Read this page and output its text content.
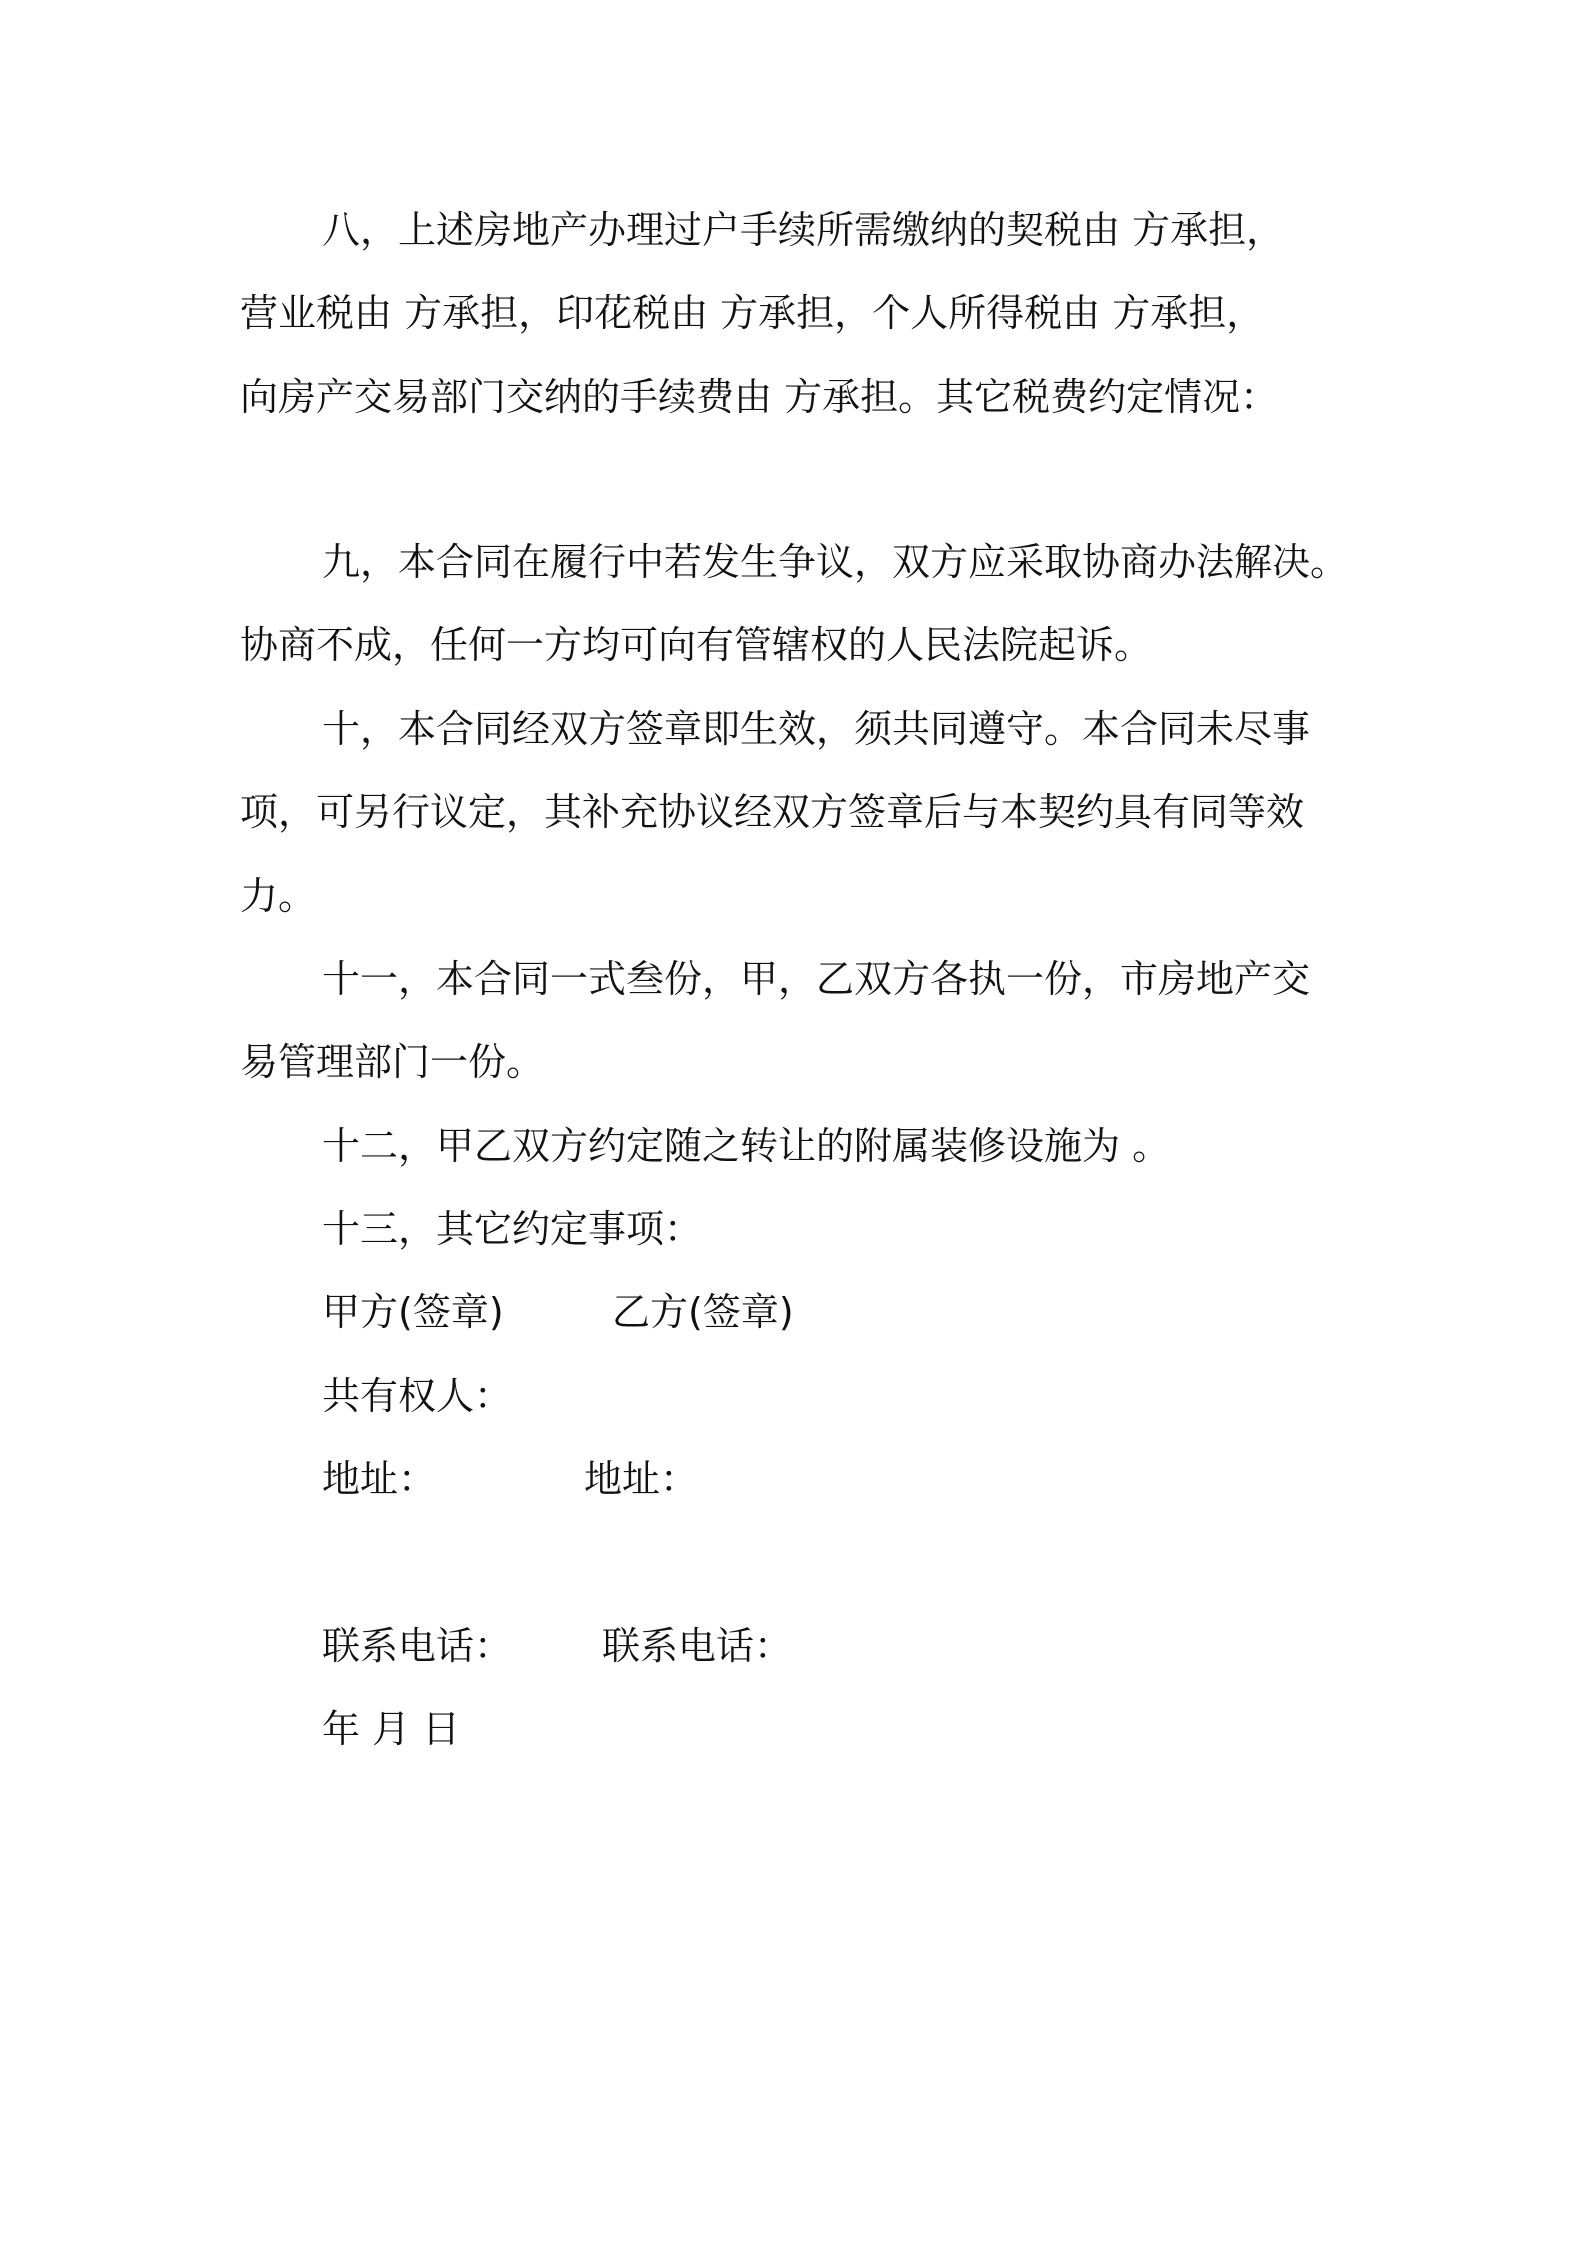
八，上述房地产办理过户手续所需缴纳的契税由 方承担，
营业税由 方承担，印花税由 方承担，个人所得税由 方承担，
向房产交易部门交纳的手续费由 方承担。其它税费约定情况：
九，本合同在履行中若发生争议，双方应采取协商办法解决。
协商不成，任何一方均可向有管辖权的人民法院起诉。
十，本合同经双方签章即生效，须共同遵守。本合同未尽事
项，可另行议定，其补充协议经双方签章后与本契约具有同等效
力。
十一，本合同一式叁份，甲，乙双方各执一份，市房地产交
易管理部门一份。
十二，甲乙双方约定随之转让的附属装修设施为 。
十三，其它约定事项：
甲方(签章)	乙方(签章)
共有权人：
地址：	地址：
联系电话： 联系电话：
年 月 日
